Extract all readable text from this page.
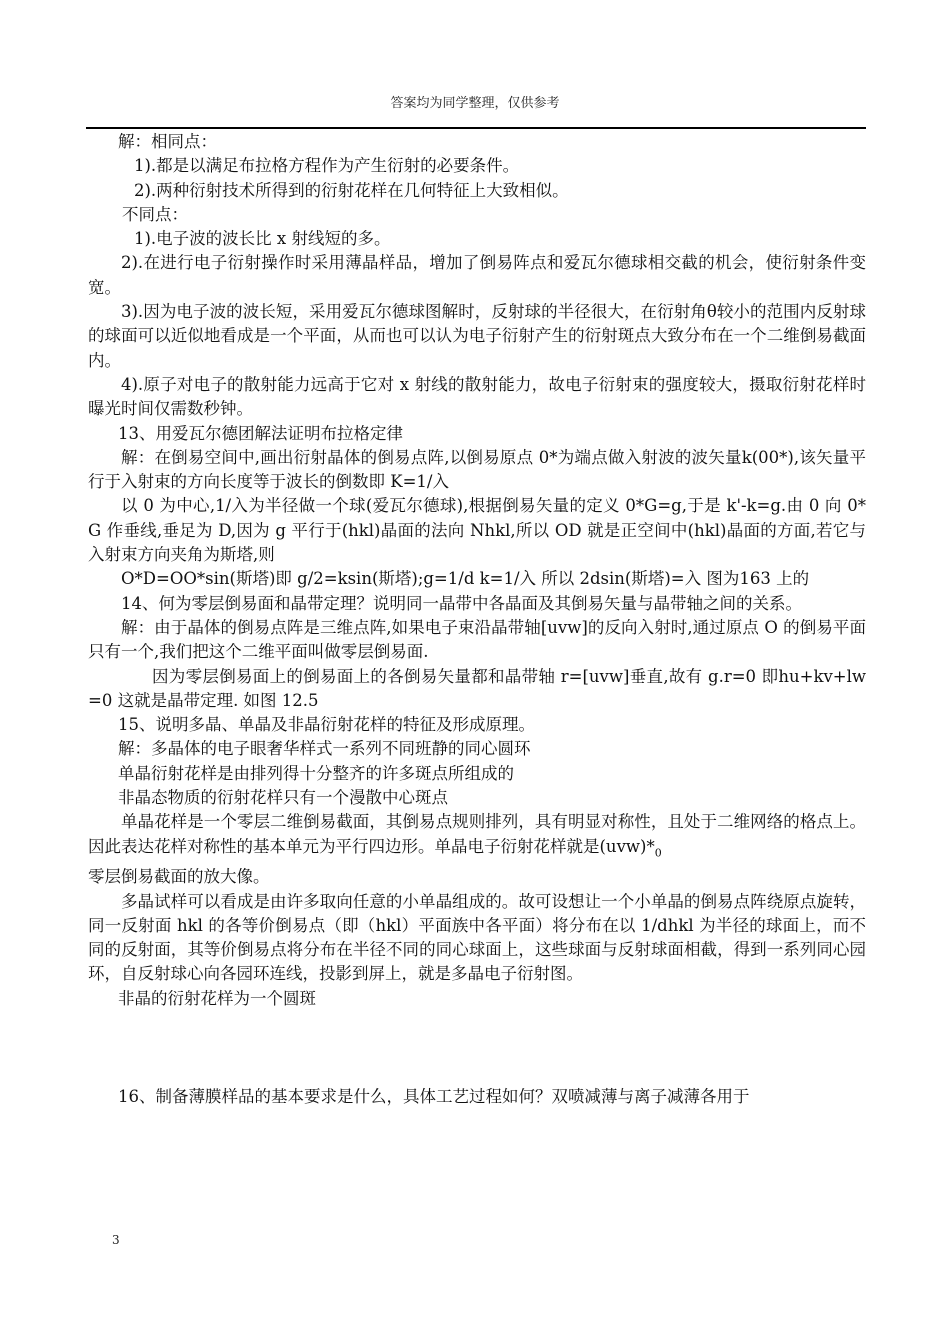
答案均为同学整理，仅供参考

解：相同点：

1).都是以满足布拉格方程作为产生衍射的必要条件。

2).两种衍射技术所得到的衍射花样在几何特征上大致相似。

不同点：

1).电子波的波长比 x 射线短的多。

2).在进行电子衍射操作时采用薄晶样品，增加了倒易阵点和爱瓦尔德球相交截的机会，使衍射条件变宽。

3).因为电子波的波长短，采用爱瓦尔德球图解时，反射球的半径很大，在衍射角θ较小的范围内反射球的球面可以近似地看成是一个平面，从而也可以认为电子衍射产生的衍射斑点大致分布在一个二维倒易截面内。

4).原子对电子的散射能力远高于它对 x 射线的散射能力，故电子衍射束的强度较大，摄取衍射花样时曝光时间仅需数秒钟。

13、用爱瓦尔德团解法证明布拉格定律

解：在倒易空间中,画出衍射晶体的倒易点阵,以倒易原点 0*为端点做入射波的波矢量k(00*),该矢量平行于入射束的方向长度等于波长的倒数即 K=1/入

以 0 为中心,1/入为半径做一个球(爱瓦尔德球),根据倒易矢量的定义 0*G=g,于是 k'-k=g.由 0 向 0*G 作垂线,垂足为 D,因为 g 平行于(hkl)晶面的法向 Nhkl,所以 OD 就是正空间中(hkl)晶面的方面,若它与入射束方向夹角为斯塔,则

O*D=OO*sin(斯塔)即 g/2=ksin(斯塔);g=1/d k=1/入 所以 2dsin(斯塔)=入 图为163 上的

14、何为零层倒易面和晶带定理？说明同一晶带中各晶面及其倒易矢量与晶带轴之间的关系。

解：由于晶体的倒易点阵是三维点阵,如果电子束沿晶带轴[uvw]的反向入射时,通过原点 O 的倒易平面只有一个,我们把这个二维平面叫做零层倒易面.

因为零层倒易面上的倒易面上的各倒易矢量都和晶带轴 r=[uvw]垂直,故有 g.r=0 即hu+kv+lw=0 这就是晶带定理. 如图 12.5

15、说明多晶、单晶及非晶衍射花样的特征及形成原理。

解：多晶体的电子眼奢华样式一系列不同班静的同心圆环

单晶衍射花样是由排列得十分整齐的许多斑点所组成的

非晶态物质的衍射花样只有一个漫散中心斑点

单晶花样是一个零层二维倒易截面，其倒易点规则排列，具有明显对称性，且处于二维网络的格点上。因此表达花样对称性的基本单元为平行四边形。单晶电子衍射花样就是$(uvw)*_0$
零层倒易截面的放大像。

多晶试样可以看成是由许多取向任意的小单晶组成的。故可设想让一个小单晶的倒易点阵绕原点旋转，同一反射面 hkl 的各等价倒易点（即（hkl）平面族中各平面）将分布在以 1/dhkl 为半径的球面上，而不同的反射面，其等价倒易点将分布在半径不同的同心球面上，这些球面与反射球面相截，得到一系列同心园环，自反射球心向各园环连线，投影到屏上，就是多晶电子衍射图。

非晶的衍射花样为一个圆斑

16、制备薄膜样品的基本要求是什么，具体工艺过程如何？双喷减薄与离子减薄各用于

3
